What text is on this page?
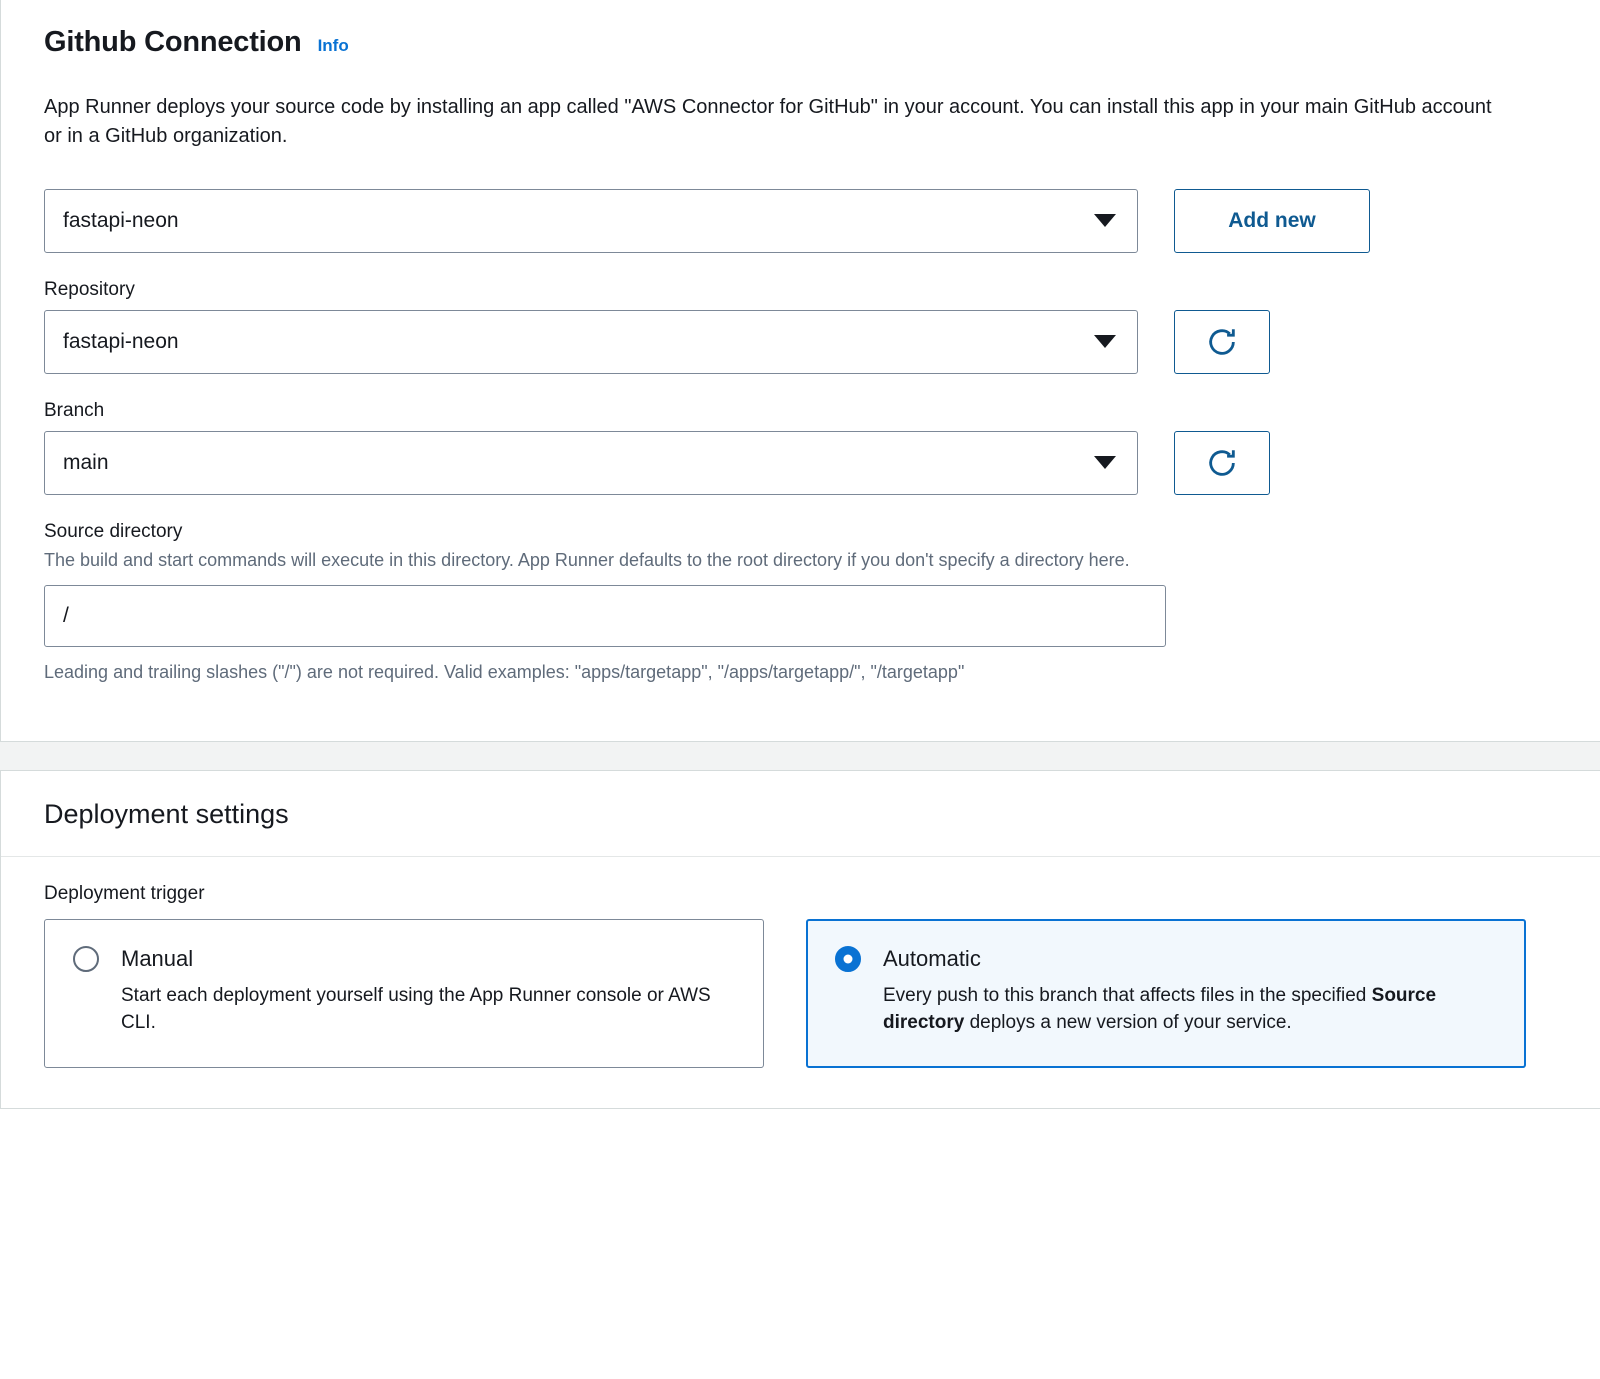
Github Connection Info

App Runner deploys your source code by installing an app called "AWS Connector for GitHub" in your account. You can install this app in your main GitHub account or in a GitHub organization.

fastapi-neon	Add new
Repository
fastapi-neon
Branch
main
Source directory
The build and start commands will execute in this directory. App Runner defaults to the root directory if you don't specify a directory here.
/
Leading and trailing slashes ("/") are not required. Valid examples: "apps/targetapp", "/apps/targetapp/", "/targetapp"
Deployment settings
Deployment trigger
Manual
Start each deployment yourself using the App Runner console or AWS CLI.
Automatic
Every push to this branch that affects files in the specified Source directory deploys a new version of your service.
